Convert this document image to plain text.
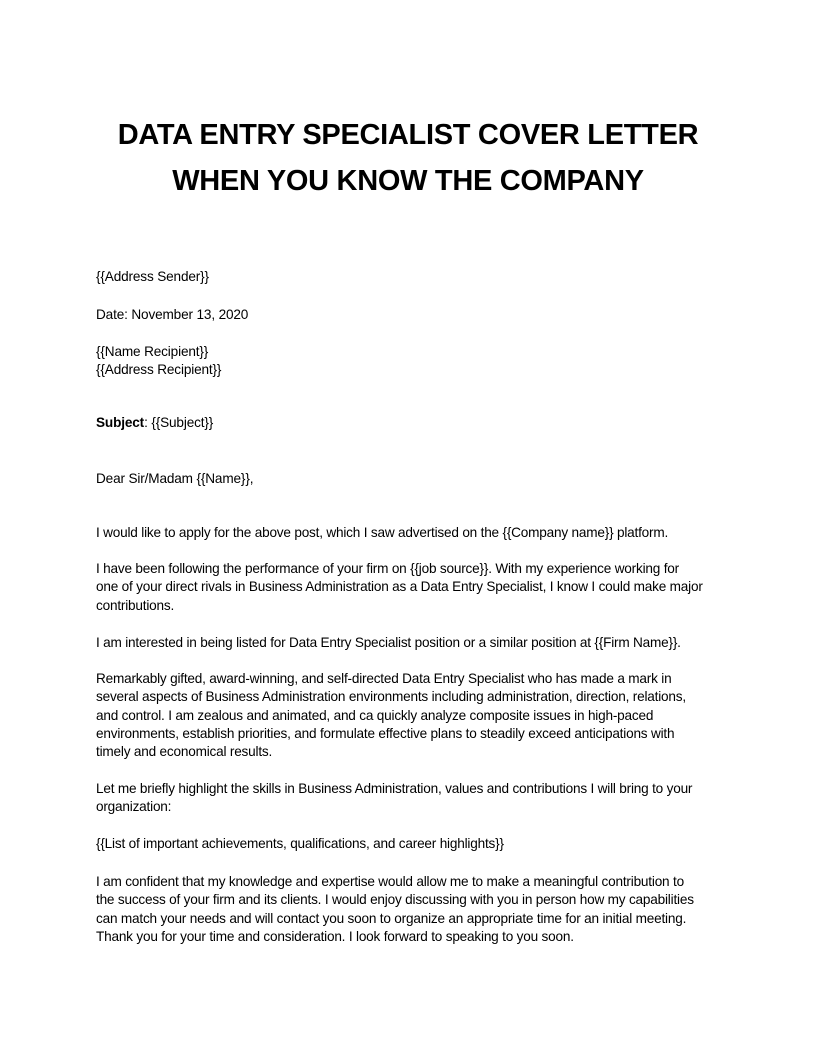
DATA ENTRY SPECIALIST COVER LETTER
WHEN YOU KNOW THE COMPANY

{{Address Sender}}

Date: November 13, 2020

{{Name Recipient}}

{{Address Recipient}}

Subject: {{Subject}}

Dear Sir/Madam {{Name}},

I would like to apply for the above post, which I saw advertised on the {{Company name}} platform.
I have been following the performance of your firm on {{job source}}. With my experience working for
one of your direct rivals in Business Administration as a Data Entry Specialist, I know I could make major
contributions.
I am interested in being listed for Data Entry Specialist position or a similar position at {{Firm Name}}.
Remarkably gifted, award-winning, and self-directed Data Entry Specialist who has made a mark in
several aspects of Business Administration environments including administration, direction, relations,
and control. I am zealous and animated, and ca quickly analyze composite issues in high-paced
environments, establish priorities, and formulate effective plans to steadily exceed anticipations with
timely and economical results.
Let me briefly highlight the skills in Business Administration, values and contributions I will bring to your
organization:
{{List of important achievements, qualifications, and career highlights}}
I am confident that my knowledge and expertise would allow me to make a meaningful contribution to
the success of your firm and its clients. I would enjoy discussing with you in person how my capabilities
can match your needs and will contact you soon to organize an appropriate time for an initial meeting.
Thank you for your time and consideration. I look forward to speaking to you soon.
